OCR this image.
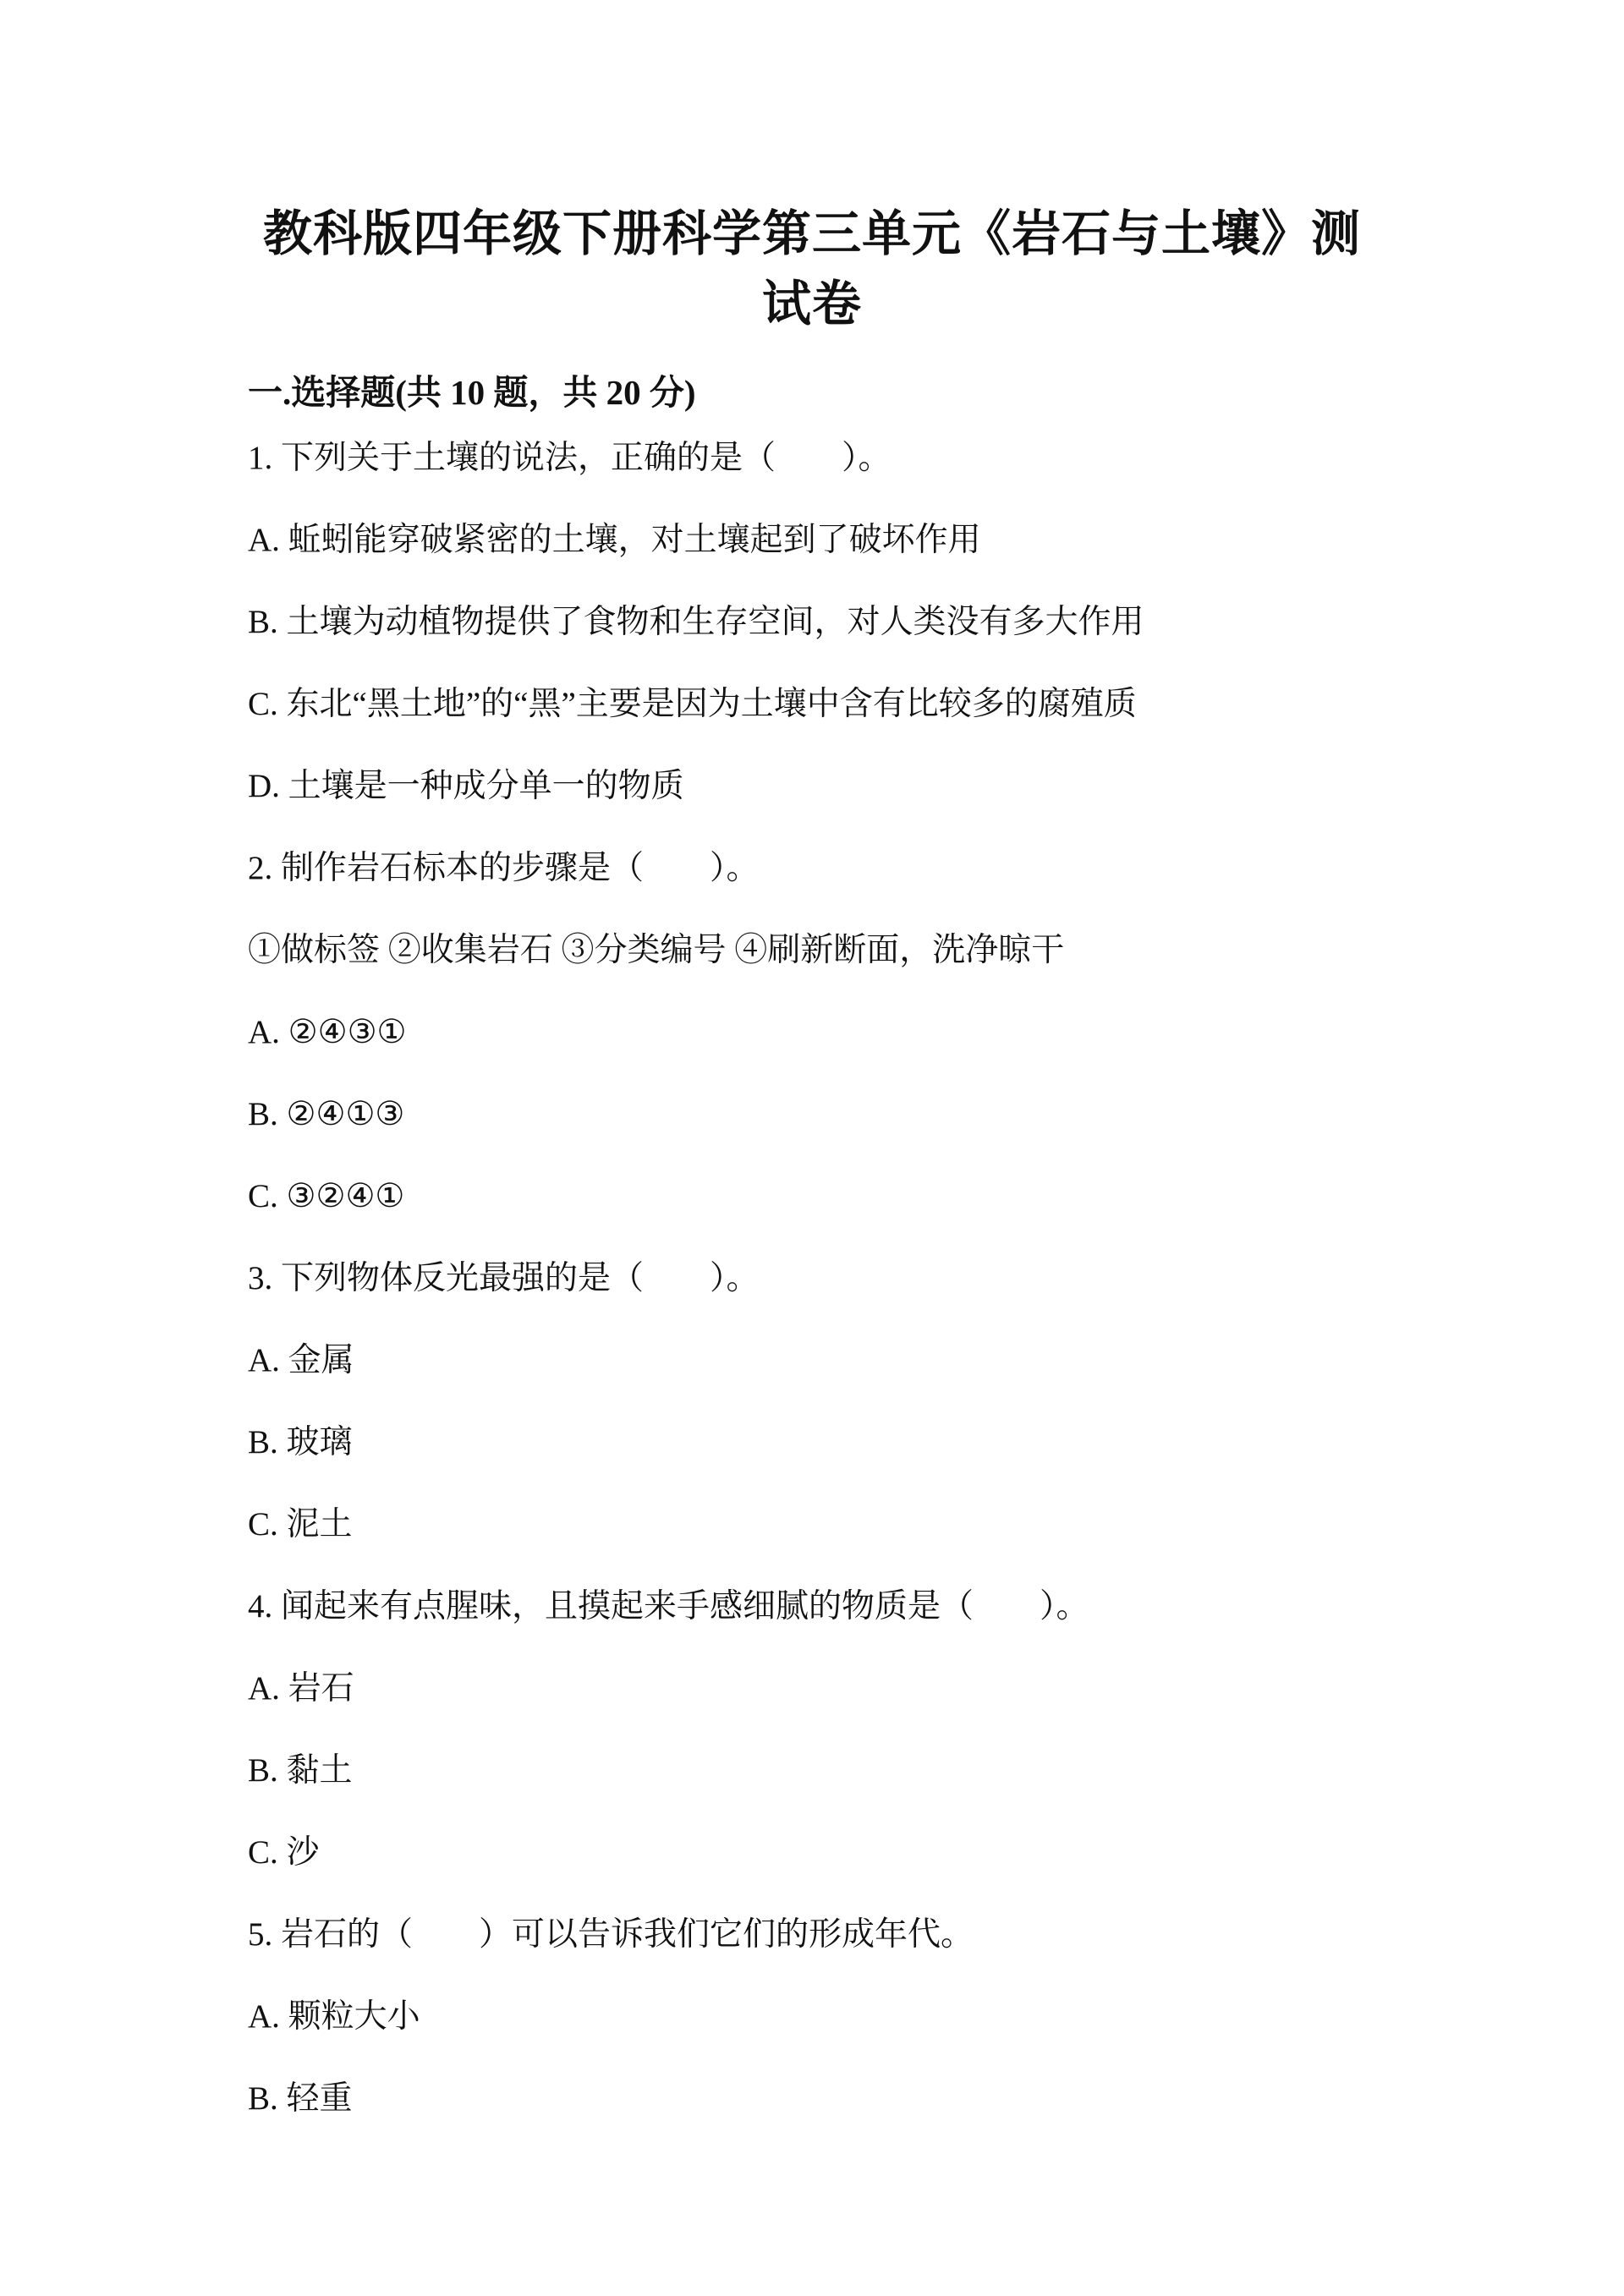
教科版四年级下册科学第三单元《岩石与土壤》测
试卷
一.选择题(共 10 题，共 20 分)

1. 下列关于土壤的说法，正确的是（　　）。

A. 蚯蚓能穿破紧密的土壤，对土壤起到了破坏作用

B. 土壤为动植物提供了食物和生存空间，对人类没有多大作用

C. 东北“黑土地”的“黑”主要是因为土壤中含有比较多的腐殖质

D. 土壤是一种成分单一的物质

2. 制作岩石标本的步骤是（　　）。

①做标签 ②收集岩石 ③分类编号 ④刷新断面，洗净晾干

A. ②④③①

B. ②④①③

C. ③②④①

3. 下列物体反光最强的是（　　）。

A. 金属

B. 玻璃

C. 泥土

4. 闻起来有点腥味，且摸起来手感细腻的物质是（　　）。

A. 岩石

B. 黏土

C. 沙

5. 岩石的（　　）可以告诉我们它们的形成年代。

A. 颗粒大小

B. 轻重
